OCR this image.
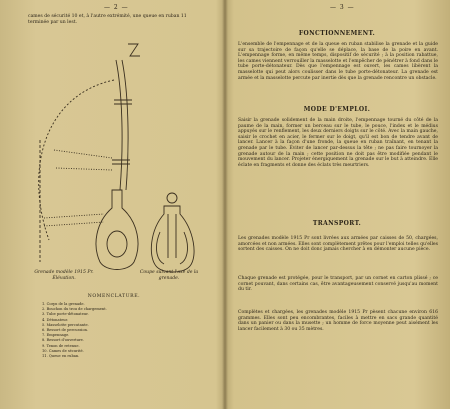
— 2 —
cames de sécurité 10 et, à l'autre extrémité, une queue en ruban 11 terminée par un lest.
Grenade modèle 1915 Pr. Élévation.
Coupe suivant l'axe de la grenade.
NOMENCLATURE.
1. Corps de la grenade.
2. Bouchon du trou de chargement.
3. Tube porte-détonateur.
4. Détonateur.
5. Masselotte percutante.
6. Ressort de percussion.
7. Empennage.
8. Ressort d'ouverture.
9. Tenon de retenue.
10. Cames de sécurité.
11. Queue en ruban.
— 3 —
FONCTIONNEMENT.
L'ensemble de l'empennage et de la queue en ruban stabilise la grenade et la guide sur sa trajectoire de façon qu'elle se déplace, la base de la poire en avant. L'empennage forme, en même temps, dispositif de sécurité ; à la position rabattue, les cames viennent verrouiller la masselotte et l'empêcher de pénétrer à fond dans le tube porte-détonateur. Dès que l'empennage est ouvert, les cames libèrent la masselotte qui peut alors coulisser dans le tube porte-détonateur. La grenade est armée et la masselotte percute par inertie dès que la grenade rencontre un obstacle.
MODE D'EMPLOI.
Saisir la grenade solidement de la main droite, l'empennage tourné du côté de la paume de la main, former un berceau sur le tube, le pouce, l'index et le médius appuyés sur le renflement, les deux derniers doigts sur le côté. Avec la main gauche, saisir le crochet en acier, le fermer sur le doigt, qu'il est bon de tendre avant de lancer. Lancer à la façon d'une fronde, la queue en ruban traînant, en tenant la grenade par le tube. Éviter de lancer par-dessus la tête ; ne pas faire tournoyer la grenade autour de la main ; cette position ne doit pas être modifiée pendant le mouvement du lancer. Projeter énergiquement la grenade sur le but à atteindre. Elle éclate en fragments et donne des éclats très meurtriers.
TRANSPORT.
Les grenades modèle 1915 Pr sont livrées aux armées par caisses de 50, chargées, amorcées et non armées. Elles sont complètement prêtes pour l'emploi telles qu'elles sortent des caisses. On ne doit donc jamais chercher à en démonter aucune pièce.
Chaque grenade est protégée, pour le transport, par un cornet en carton plissé ; ce cornet pouvant, dans certains cas, être avantageusement conservé jusqu'au moment du tir.
Complètes et chargées, les grenades modèle 1915 Pr pèsent chacune environ 616 grammes. Elles sont peu encombrantes, faciles à mettre en sacs grande quantité dans un panier ou dans la musette ; un homme de force moyenne peut aisément les lancer facilement à 30 ou 35 mètres.
